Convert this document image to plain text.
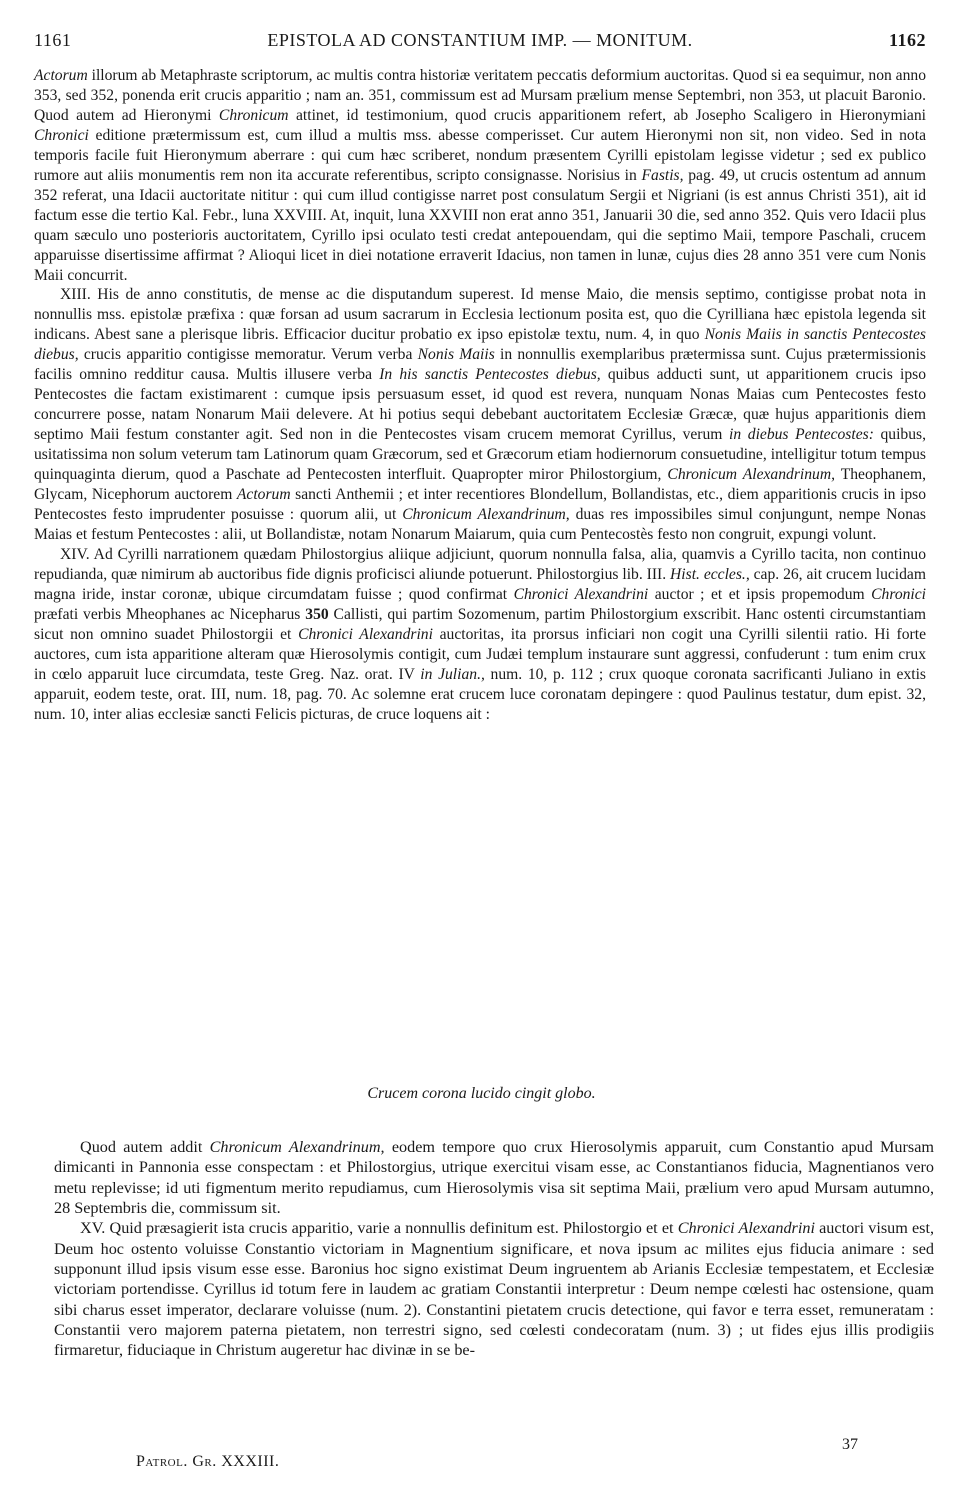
1161	EPISTOLA AD CONSTANTIUM IMP. — MONITUM.	1162

Actorum illorum ab Metaphraste scriptorum, ac multis contra historiæ veritatem peccatis deformium auctoritas. Quod si ea sequimur, non anno 353, sed 352, ponenda erit crucis apparitio ; nam an. 351, commissum est ad Mursam prælium mense Septembri, non 353, ut placuit Baronio. Quod autem ad Hieronymi Chronicum attinet, id testimonium, quod crucis apparitionem refert, ab Josepho Scaligero in Hieronymiani Chronici editione prætermissum est, cum illud a multis mss. abesse comperisset. Cur autem Hieronymi non sit, non video. Sed in nota temporis facile fuit Hieronymum aberrare : qui cum hæc scriberet, nondum præsentem Cyrilli epistolam legisse videtur ; sed ex publico rumore aut aliis monumentis rem non ita accurate referentibus, scripto consignasse. Norisius in Fastis, pag. 49, ut crucis ostentum ad annum 352 referat, una Idacii auctoritate nititur : qui cum illud contigisse narret post consulatum Sergii et Nigriani (is est annus Christi 351), ait id factum esse die tertio Kal. Febr., luna XXVIII. At, inquit, luna XXVIII non erat anno 351, Januarii 30 die, sed anno 352. Quis vero Idacii plus quam sæculo uno posterioris auctoritatem, Cyrillo ipsi oculato testi credat antepouendam, qui die septimo Maii, tempore Paschali, crucem apparuisse disertissime affirmat ? Alioqui licet in diei notatione erraverit Idacius, non tamen in lunæ, cujus dies 28 anno 351 vere cum Nonis Maii concurrit.

XIII. His de anno constitutis, de mense ac die disputandum superest. Id mense Maio, die mensis septimo, contigisse probat nota in nonnullis mss. epistolæ præfixa : quæ forsan ad usum sacrarum in Ecclesia lectionum posita est, quo die Cyrilliana hæc epistola legenda sit indicans. Abest sane a plerisque libris. Efficacior ducitur probatio ex ipso epistolæ textu, num. 4, in quo Nonis Maiis in sanctis Pentecostes diebus, crucis apparitio contigisse memoratur. Verum verba Nonis Maiis in nonnullis exemplaribus prætermissa sunt. Cujus prætermissionis facilis omnino redditur causa. Multis illusere verba In his sanctis Pentecostes diebus, quibus adducti sunt, ut apparitionem crucis ipso Pentecostes die factam existimarent : cumque ipsis persuasum esset, id quod est revera, nunquam Nonas Maias cum Pentecostes festo concurrere posse, natam Nonarum Maii delevere. At hi potius sequi debebant auctoritatem Ecclesiæ Græcæ, quæ hujus apparitionis diem septimo Maii festum constanter agit. Sed non in die Pentecostes visam crucem memorat Cyrillus, verum in diebus Pentecostes: quibus, usitatissima non solum veterum tam Latinorum quam Græcorum, sed et Græcorum etiam hodiernorum consuetudine, intelligitur totum tempus quinquaginta dierum, quod a Paschate ad Pentecosten interfluit. Quapropter miror Philostorgium, Chronicum Alexandrinum, Theophanem, Glycam, Nicephorum auctorem Actorum sancti Anthemii ; et inter recentiores Blondellum, Bollandistas, etc., diem apparitionis crucis in ipso Pentecostes festo imprudenter posuisse : quorum alii, ut Chronicum Alexandrinum, duas res impossibiles simul conjungunt, nempe Nonas Maias et festum Pentecostes : alii, ut Bollandistæ, notam Nonarum Maiarum, quia cum Pentecostès festo non congruit, expungi volunt.

XIV. Ad Cyrilli narrationem quædam Philostorgius aliique adjiciunt, quorum nonnulla falsa, alia, quamvis a Cyrillo tacita, non continuo repudianda, quæ nimirum ab auctoribus fide dignis proficisci aliunde potuerunt. Philostorgius lib. III. Hist. eccles., cap. 26, ait crucem lucidam magna iride, instar coronæ, ubique circumdatam fuisse ; quod confirmat Chronici Alexandrini auctor ; et et ipsis propemodum Chronici præfati verbis Mheophanes ac Nicepharus 350 Callisti, qui partim Sozomenum, partim Philostorgium exscribit. Hanc ostenti circumstantiam sicut non omnino suadet Philostorgii et Chronici Alexandrini auctoritas, ita prorsus inficiari non cogit una Cyrilli silentii ratio. Hi forte auctores, cum ista apparitione alteram quæ Hierosolymis contigit, cum Judæi templum instaurare sunt aggressi, confuderunt : tum enim crux in cœlo apparuit luce circumdata, teste Greg. Naz. orat. IV in Julian., num. 10, p. 112 ; crux quoque coronata sacrificanti Juliano in extis apparuit, eodem teste, orat. III, num. 18, pag. 70. Ac solemne erat crucem luce coronatam depingere : quod Paulinus testatur, dum epist. 32, num. 10, inter alias ecclesiæ sancti Felicis picturas, de cruce loquens ait :

Crucem corona lucido cingit globo.

Quod autem addit Chronicum Alexandrinum, eodem tempore quo crux Hierosolymis apparuit, cum Constantio apud Mursam dimicanti in Pannonia esse conspectam : et Philostorgius, utrique exercitui visam esse, ac Constantianos fiducia, Magnentianos vero metu replevisse; id uti figmentum merito repudiamus, cum Hierosolymis visa sit septima Maii, prælium vero apud Mursam autumno, 28 Septembris die, commissum sit.

XV. Quid præsagierit ista crucis apparitio, varie a nonnullis definitum est. Philostorgio et et Chronici Alexandrini auctori visum est, Deum hoc ostento voluisse Constantio victoriam in Magnentium significare, et nova ipsum ac milites ejus fiducia animare : sed supponunt illud ipsis visum esse esse. Baronius hoc signo existimat Deum ingruentem ab Arianis Ecclesiæ tempestatem, et Ecclesiæ victoriam portendisse. Cyrillus id totum fere in laudem ac gratiam Constantii interpretur : Deum nempe cœlesti hac ostensione, quam sibi charus esset imperator, declarare voluisse (num. 2). Constantini pietatem crucis detectione, qui favor e terra esset, remuneratam : Constantii vero majorem paterna pietatem, non terrestri signo, sed cœlesti condecoratam (num. 3) ; ut fides ejus illis prodigiis firmaretur, fiduciaque in Christum augeretur hac divinæ in se be-

Patrol. Gr. XXXIII.
37
